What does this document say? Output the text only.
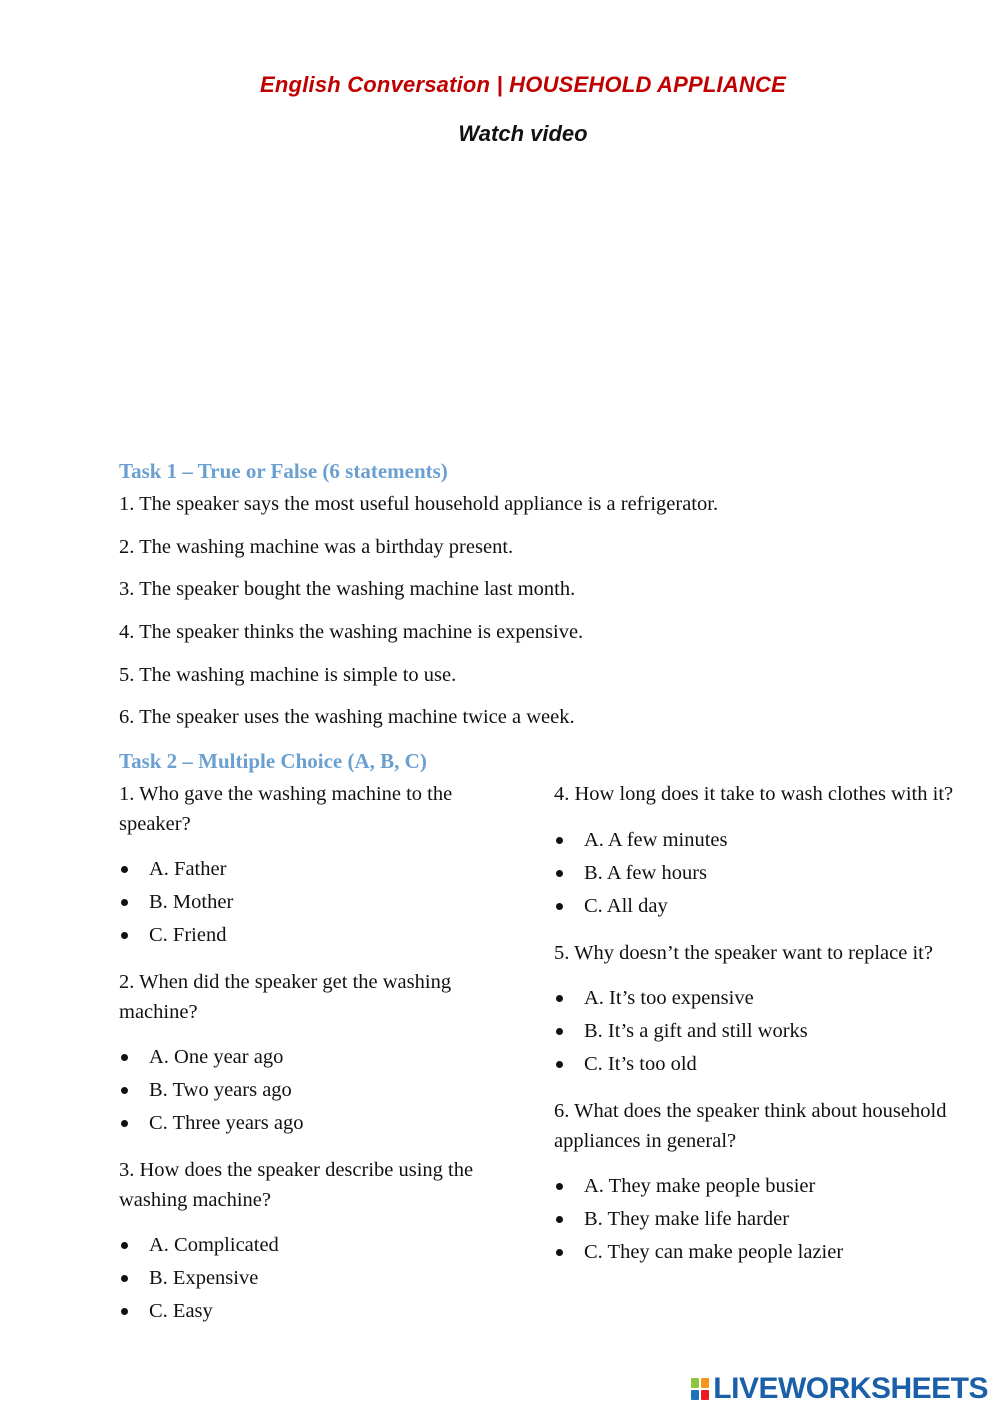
English Conversation | HOUSEHOLD APPLIANCE
Watch video
Task 1 – True or False (6 statements)
1. The speaker says the most useful household appliance is a refrigerator.
2. The washing machine was a birthday present.
3. The speaker bought the washing machine last month.
4. The speaker thinks the washing machine is expensive.
5. The washing machine is simple to use.
6. The speaker uses the washing machine twice a week.
Task 2 – Multiple Choice (A, B, C)

1. Who gave the washing machine to the speaker?

A. Father
B. Mother
C. Friend

2. When did the speaker get the washing machine?

A. One year ago
B. Two years ago
C. Three years ago

3. How does the speaker describe using the washing machine?

A. Complicated
B. Expensive
C. Easy

4. How long does it take to wash clothes with it?

A. A few minutes
B. A few hours
C. All day

5. Why doesn’t the speaker want to replace it?

A. It’s too expensive
B. It’s a gift and still works
C. It’s too old

6. What does the speaker think about household appliances in general?

A. They make people busier
B. They make life harder
C. They can make people lazier
LIVEWORKSHEETS
